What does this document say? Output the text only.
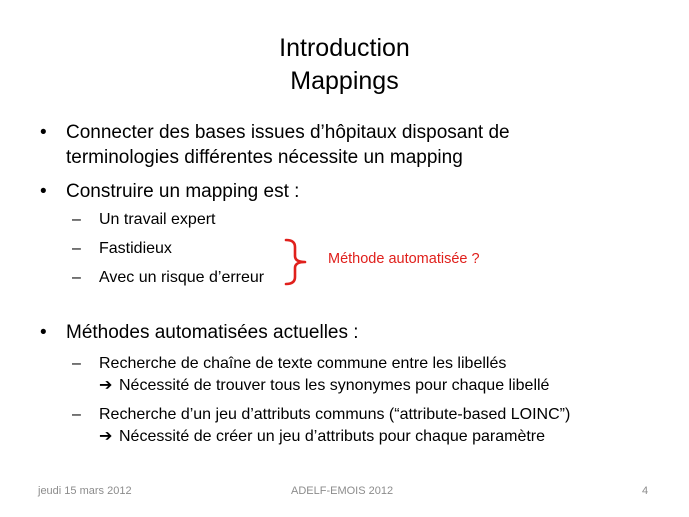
Introduction
Mappings
• Connecter des bases issues d’hôpitaux disposant de
terminologies différentes nécessite un mapping
• Construire un mapping est :
– Un travail expert
– Fastidieux
– Avec un risque d’erreur
Méthode automatisée ?
• Méthodes automatisées actuelles :
– Recherche de chaîne de texte commune entre les libellés
➔ Nécessité de trouver tous les synonymes pour chaque libellé
– Recherche d’un jeu d’attributs communs (“attribute-based LOINC”)
➔ Nécessité de créer un jeu d’attributs pour chaque paramètre
jeudi 15 mars 2012	ADELF-EMOIS 2012	4
